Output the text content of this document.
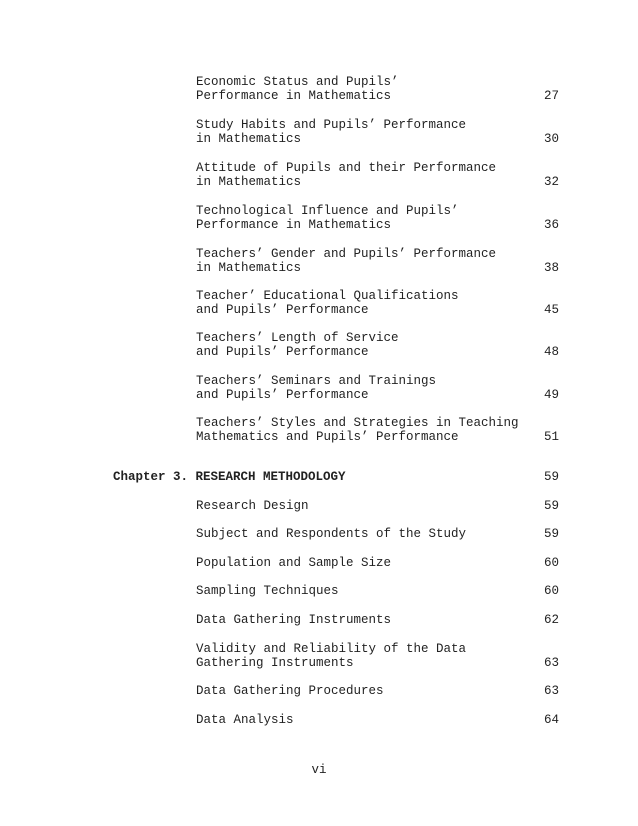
Economic Status and Pupils’
Performance in Mathematics	27
Study Habits and Pupils’ Performance
in Mathematics	30
Attitude of Pupils and their Performance
in Mathematics	32
Technological Influence and Pupils’
Performance in Mathematics	36
Teachers’ Gender and Pupils’ Performance
in Mathematics	38
Teacher’ Educational Qualifications
and Pupils’ Performance	45
Teachers’ Length of Service
and Pupils’ Performance	48
Teachers’ Seminars and Trainings
and Pupils’ Performance	49
Teachers’ Styles and Strategies in Teaching
Mathematics and Pupils’ Performance	51
Chapter 3. RESEARCH METHODOLOGY	59
Research Design	59
Subject and Respondents of the Study	59
Population and Sample Size	60
Sampling Techniques	60
Data Gathering Instruments	62
Validity and Reliability of the Data
Gathering Instruments	63
Data Gathering Procedures	63
Data Analysis	64
vi
